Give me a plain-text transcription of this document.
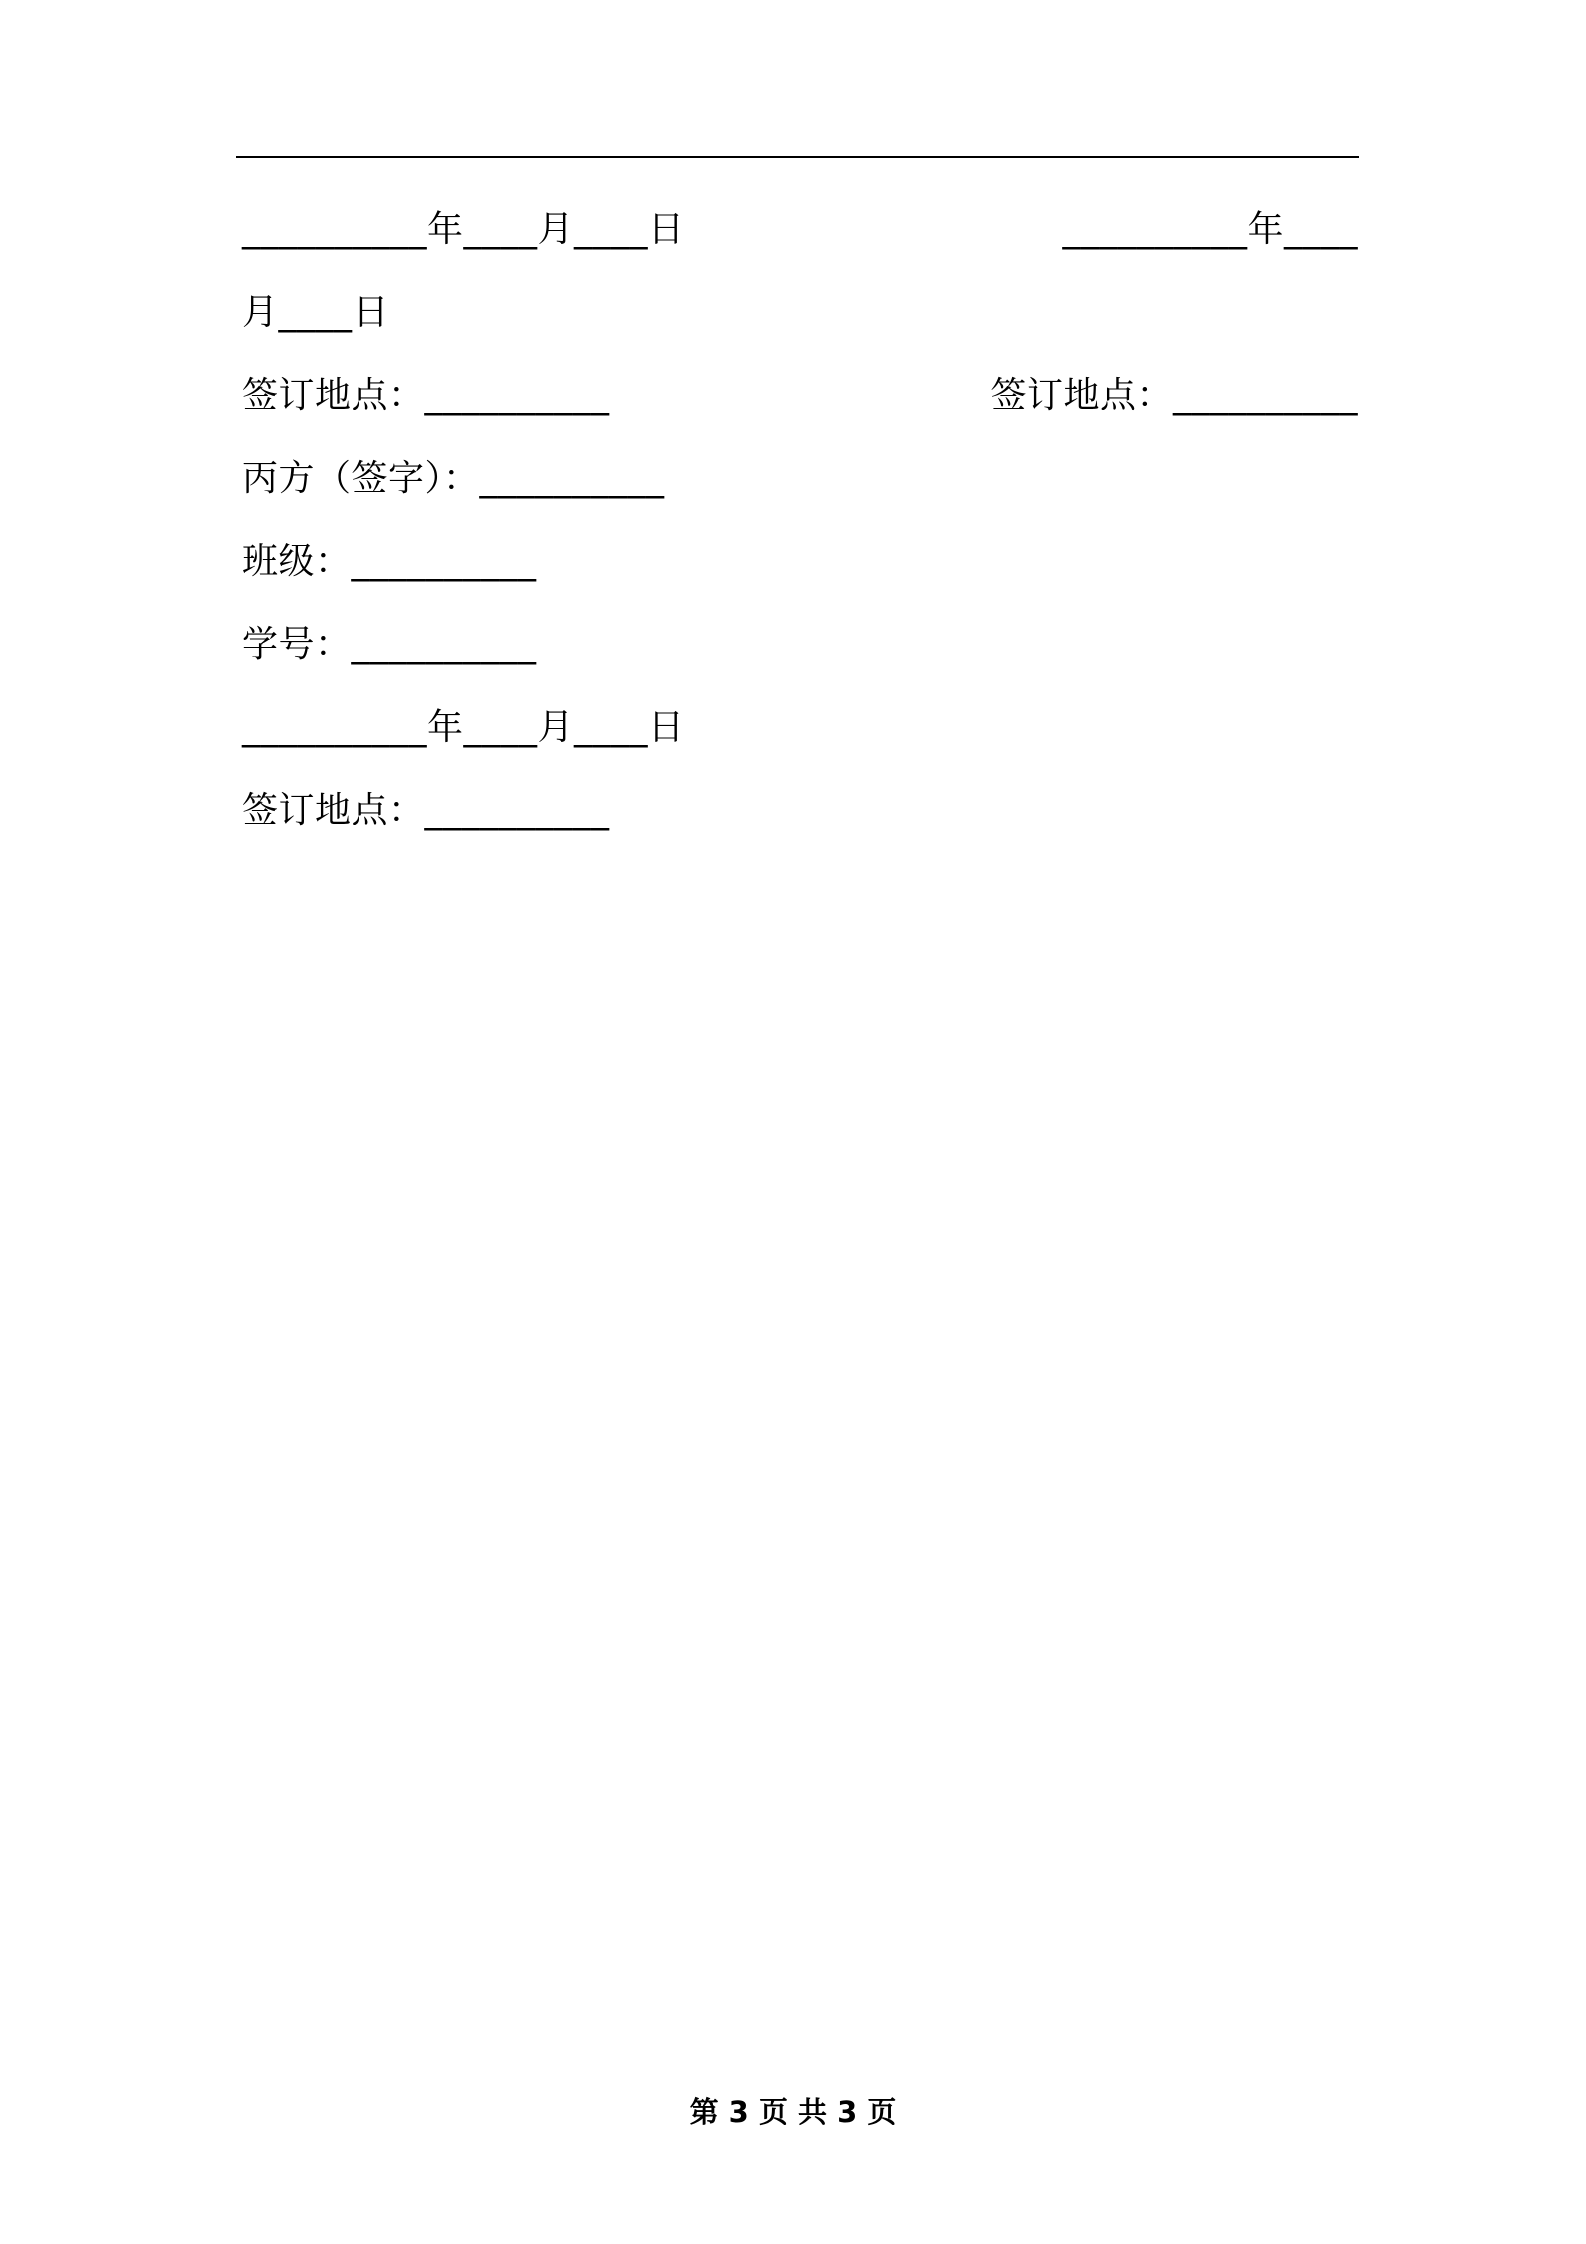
__________年____月____日	__________年____
月____日
签订地点：__________	签订地点：__________
丙方（签字）：__________
班级：__________
学号：__________
__________年____月____日
签订地点：__________
第 3 页 共 3 页
